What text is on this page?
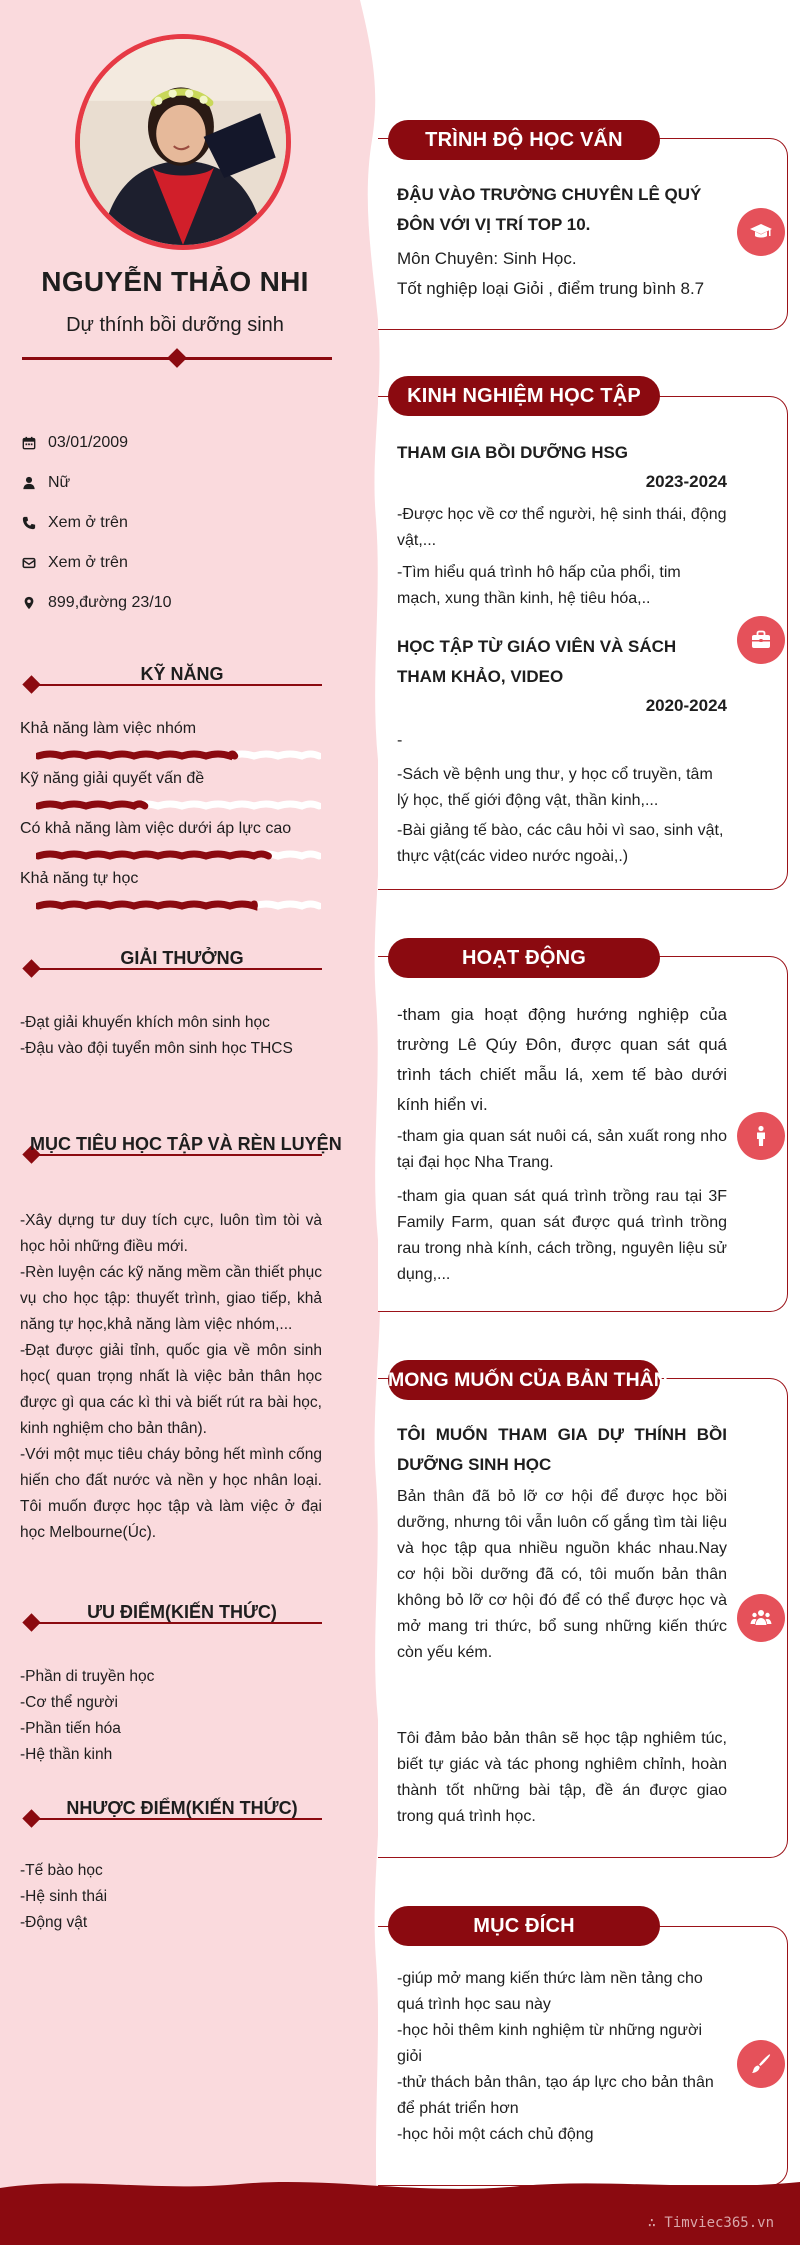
NGUYỄN THẢO NHI
Dự thính bồi dưỡng sinh
03/01/2009
Nữ
Xem ở trên
Xem ở trên
899,đường 23/10
KỸ NĂNG
Khả năng làm việc nhóm
Kỹ năng giải quyết vấn đề
Có khả năng làm việc dưới áp lực cao
Khả năng tự học
GIẢI THƯỞNG
-Đạt giải khuyến khích môn sinh học
-Đậu vào đội tuyển môn sinh học THCS
MỤC TIÊU HỌC TẬP VÀ RÈN LUYỆN
-Xây dựng tư duy tích cực, luôn tìm tòi và học hỏi những điều mới.
-Rèn luyện các kỹ năng mềm cần thiết phục vụ cho học tập: thuyết trình, giao tiếp, khả năng tự học,khả năng làm việc nhóm,...
-Đạt được giải tỉnh, quốc gia về môn sinh học( quan trọng nhất là việc bản thân học được gì qua các kì thi và biết rút ra bài học, kinh nghiệm cho bản thân).
-Với một mục tiêu cháy bỏng hết mình cống hiến cho đất nước và nền y học nhân loại. Tôi muốn được học tập và làm việc ở đại học Melbourne(Úc).
ƯU ĐIỂM(KIẾN THỨC)
-Phần di truyền học
-Cơ thể người
-Phần tiến hóa
-Hệ thần kinh
NHƯỢC ĐIỂM(KIẾN THỨC)
-Tế bào học
-Hệ sinh thái
-Động vật
TRÌNH ĐỘ HỌC VẤN
ĐẬU VÀO TRƯỜNG CHUYÊN LÊ QUÝ ĐÔN VỚI VỊ TRÍ TOP 10.
Môn Chuyên: Sinh Học.
Tốt nghiệp loại Giỏi , điểm trung bình 8.7
KINH NGHIỆM HỌC TẬP
THAM GIA BỒI DƯỠNG HSG
2023-2024
-Được học về cơ thể người, hệ sinh thái, động vật,...
-Tìm hiểu quá trình hô hấp của phổi, tim mạch, xung thần kinh, hệ tiêu hóa,..
HỌC TẬP TỪ GIÁO VIÊN VÀ SÁCH THAM KHẢO, VIDEO
2020-2024
-
-Sách về bệnh ung thư, y học cổ truyền, tâm lý học, thế giới động vật, thần kinh,...
-Bài giảng tế bào, các câu hỏi vì sao, sinh vật, thực vật(các video nước ngoài,.)
HOẠT ĐỘNG
-tham gia hoạt động hướng nghiệp của trường Lê Qúy Đôn, được quan sát quá trình tách chiết mẫu lá, xem tế bào dưới kính hiển vi.
-tham gia quan sát nuôi cá, sản xuất rong nho tại đại học Nha Trang.
-tham gia quan sát quá trình trồng rau tại 3F Family Farm, quan sát được quá trình trồng rau trong nhà kính, cách trồng, nguyên liệu sử dụng,...
MONG MUỐN CỦA BẢN THÂN
TÔI MUỐN THAM GIA DỰ THÍNH BỒI DƯỠNG SINH HỌC
Bản thân đã bỏ lỡ cơ hội để được học bồi dưỡng, nhưng tôi vẫn luôn cố gắng tìm tài liệu và học tập qua nhiều nguồn khác nhau.Nay cơ hội bồi dưỡng đã có, tôi muốn bản thân không bỏ lỡ cơ hội đó để có thể được học và mở mang tri thức, bổ sung những kiến thức còn yếu kém.
Tôi đảm bảo bản thân sẽ học tập nghiêm túc, biết tự giác và tác phong nghiêm chỉnh, hoàn thành tốt những bài tập, đề án được giao trong quá trình học.
MỤC ĐÍCH
-giúp mở mang kiến thức làm nền tảng cho quá trình học sau này
-học hỏi thêm kinh nghiệm từ những người giỏi
-thử thách bản thân, tạo áp lực cho bản thân để phát triển hơn
-học hỏi một cách chủ động
∴ Timviec365.vn
